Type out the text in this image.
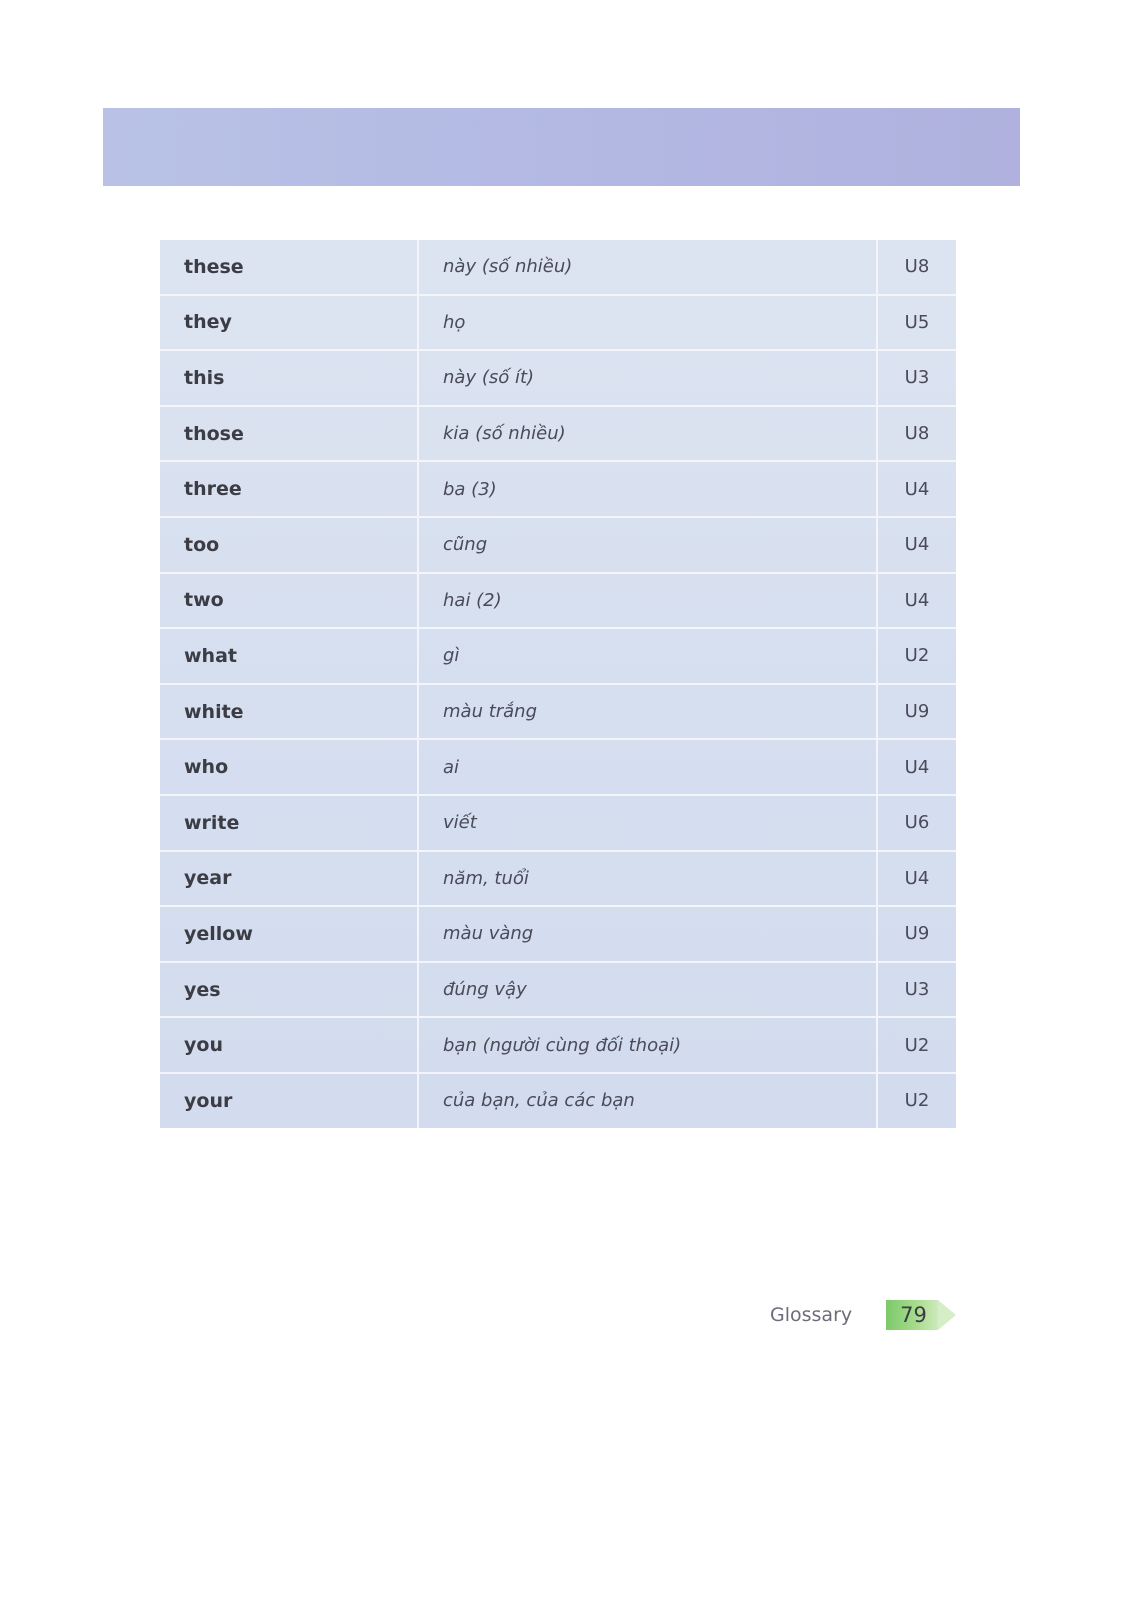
these	này (số nhiều)	U8
they	họ	U5
this	này (số ít)	U3
those	kia (số nhiều)	U8
three	ba (3)	U4
too	cũng	U4
two	hai (2)	U4
what	gì	U2
white	màu trắng	U9
who	ai	U4
write	viết	U6
year	năm, tuổi	U4
yellow	màu vàng	U9
yes	đúng vậy	U3
you	bạn (người cùng đối thoại)	U2
your	của bạn, của các bạn	U2
Glossary 79
